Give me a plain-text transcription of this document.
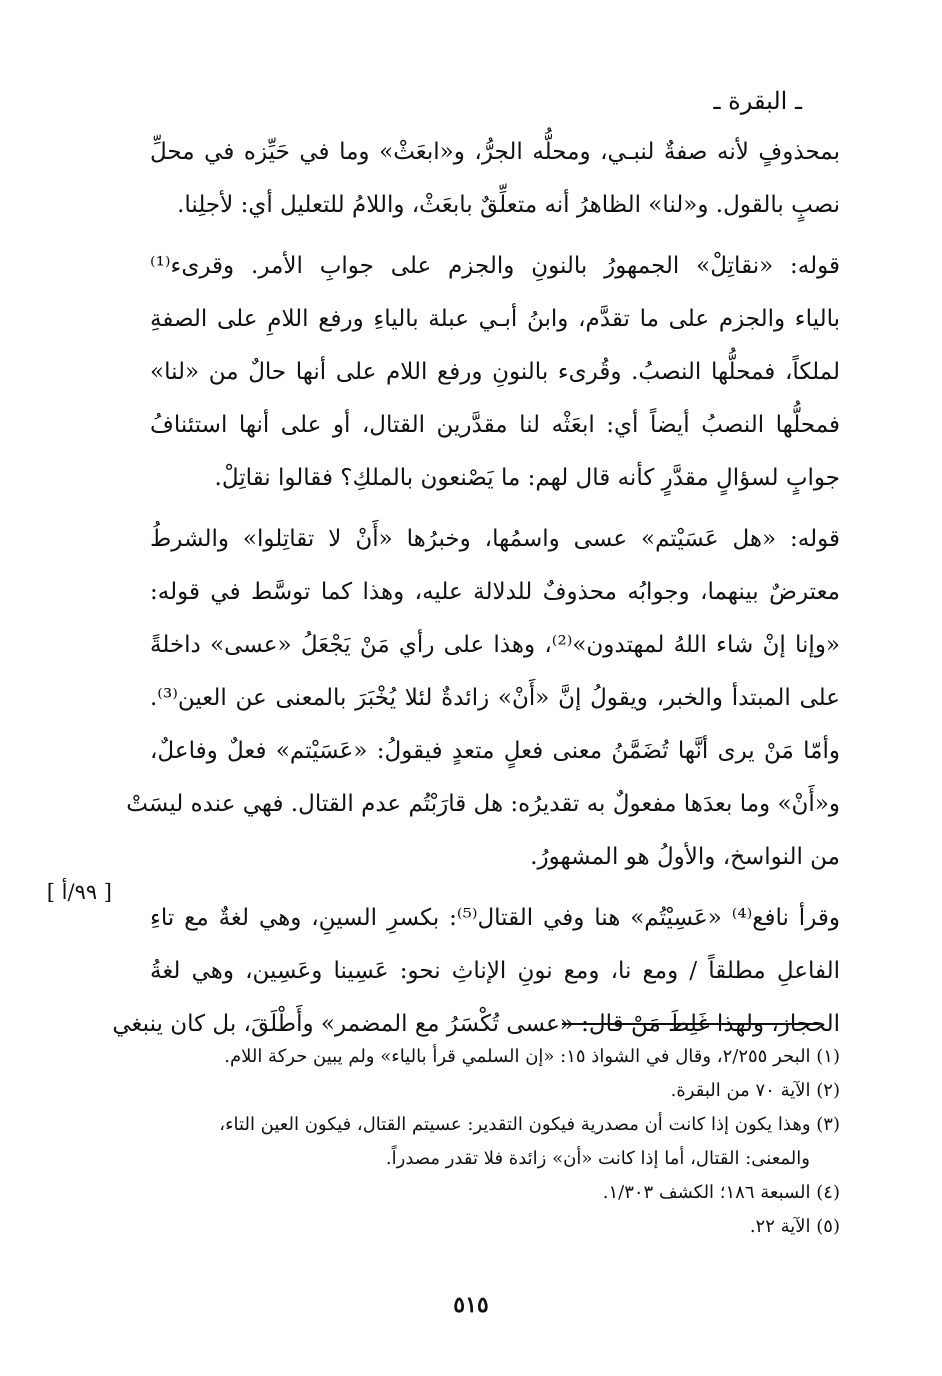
ـ البقرة ـ
بمحذوفٍ لأنه صفةٌ لنبـي، ومحلُّه الجرُّ، و«ابعَثْ» وما في حَيِّزه في محلِّ
نصبٍ بالقول. و«لنا» الظاهرُ أنه متعلِّقٌ بابعَثْ، واللامُ للتعليل أي: لأجلِنا.
قوله: «نقاتِلْ» الجمهورُ بالنونِ والجزم على جوابِ الأمر. وقرىء⁽¹⁾
بالياء والجزم على ما تقدَّم، وابنُ أبـي عبلة بالياءِ ورفع اللامِ على الصفةِ
لملكاً، فمحلُّها النصبُ. وقُرىء بالنونِ ورفع اللام على أنها حالٌ من «لنا»
فمحلُّها النصبُ أيضاً أي: ابعَثْه لنا مقدَّرين القتال، أو على أنها استئنافُ
جوابٍ لسؤالٍ مقدَّرٍ كأنه قال لهم: ما يَصْنعون بالملكِ؟ فقالوا نقاتِلْ.
قوله: «هل عَسَيْتم» عسى واسمُها، وخبرُها «أَنْ لا تقاتِلوا» والشرطُ
معترضٌ بينهما، وجوابُه محذوفٌ للدلالة عليه، وهذا كما توسَّط في قوله:
«وإنا إنْ شاء اللهُ لمهتدون»⁽²⁾، وهذا على رأي مَنْ يَجْعَلُ «عسى» داخلةً
على المبتدأ والخبر، ويقولُ إنَّ «أَنْ» زائدةٌ لئلا يُخْبَرَ بالمعنى عن العين⁽³⁾.
وأمّا مَنْ يرى أنَّها تُضَمَّنُ معنى فعلٍ متعدٍ فيقولُ: «عَسَيْتم» فعلٌ وفاعلٌ،
و«أَنْ» وما بعدَها مفعولٌ به تقديرُه: هل قارَبْتُم عدم القتال. فهي عنده ليسَتْ
من النواسخ، والأولُ هو المشهورُ.
وقرأ نافع⁽⁴⁾ «عَسِيْتُم» هنا وفي القتال⁽⁵⁾: بكسرِ السينِ، وهي لغةٌ مع تاءِ
الفاعلِ مطلقاً / ومع نا، ومع نونِ الإناثِ نحو: عَسِينا وعَسِين، وهي لغةُ
الحجاز، ولهذا غَلِطَ مَنْ قال: «عسى تُكْسَرُ مع المضمر» وأَطْلَقَ، بل كان ينبغي
[ ٩٩/أ ]
(١) البحر ٢/٢٥٥، وقال في الشواذ ١٥: «إن السلمي قرأ بالياء» ولم يبين حركة اللام.
(٢) الآية ٧٠ من البقرة.
(٣) وهذا يكون إذا كانت أن مصدرية فيكون التقدير: عسيتم القتال، فيكون العين التاء،
والمعنى: القتال، أما إذا كانت «أن» زائدة فلا تقدر مصدراً.
(٤) السبعة ١٨٦؛ الكشف ١/٣٠٣.
(٥) الآية ٢٢.
٥١٥
